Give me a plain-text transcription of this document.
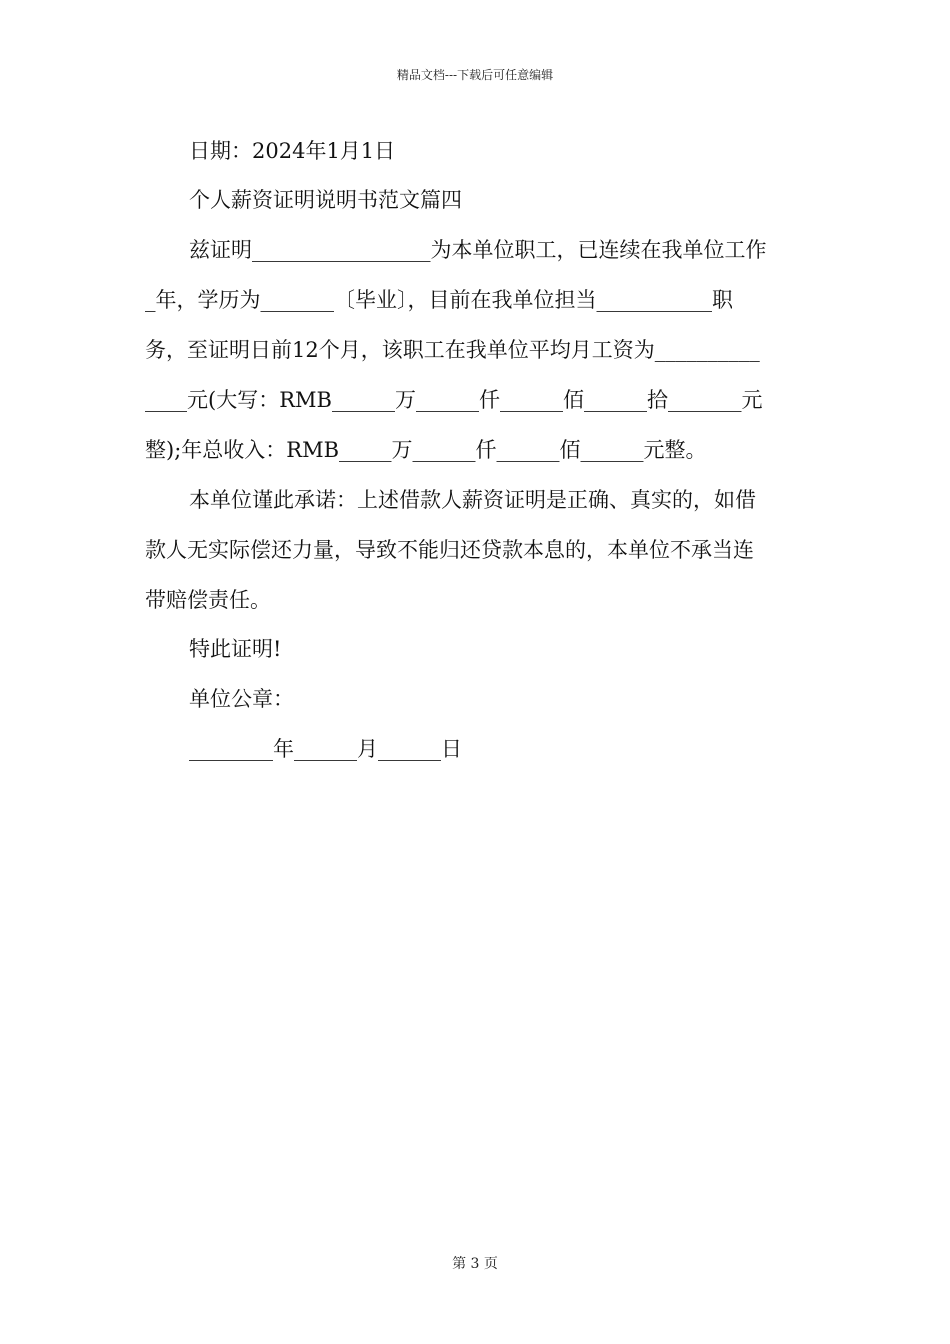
精品文档---下载后可任意编辑
日期：2024年1月1日
个人薪资证明说明书范文篇四
兹证明_________________为本单位职工，已连续在我单位工作
_年，学历为_______〔毕业〕，目前在我单位担当___________职
务，至证明日前12个月，该职工在我单位平均月工资为__________
____元(大写：RMB______万______仟______佰______拾_______元
整);年总收入：RMB_____万______仟______佰______元整。
本单位谨此承诺：上述借款人薪资证明是正确、真实的，如借
款人无实际偿还力量，导致不能归还贷款本息的，本单位不承当连
带赔偿责任。
特此证明!
单位公章：
________年______月______日
第 3 页
